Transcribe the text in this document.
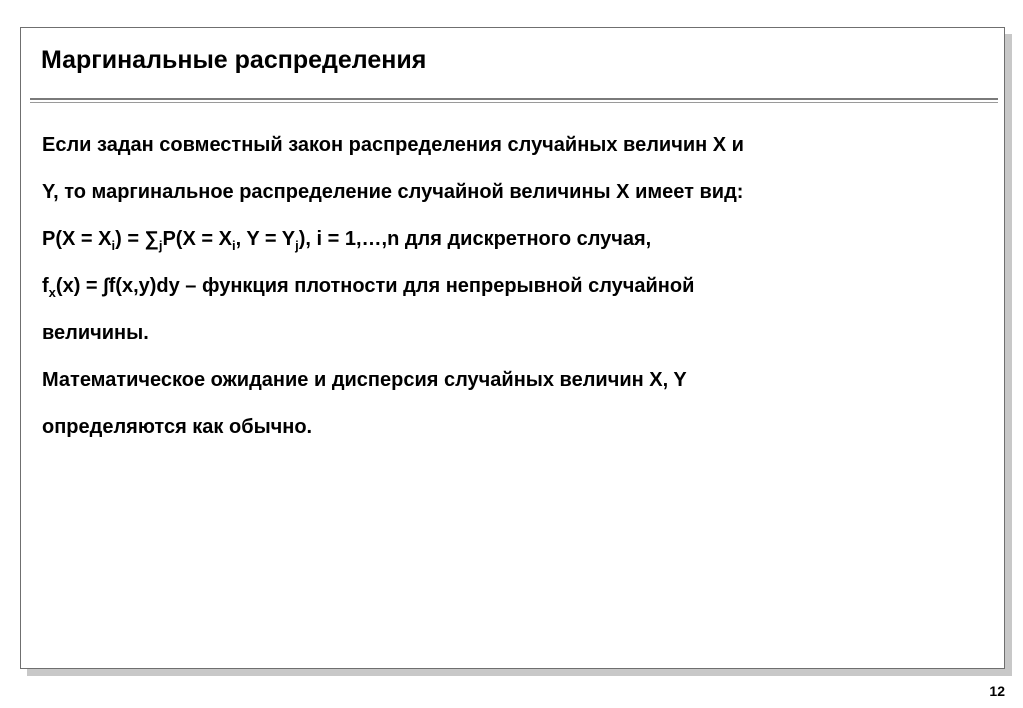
Маргинальные распределения
Если задан совместный закон распределения случайных величин X и
Y, то маргинальное распределение случайной величины X имеет вид:
$P(X = X_i) = \sum_jP(X = X_i$, $Y = Y_j$), i = 1,…,n для дискретного случая,
$f_x(x) = \int f(x,y)dy$ – функция плотности для непрерывной случайной
величины.
Математическое ожидание и дисперсия случайных величин X, Y
определяются как обычно.
12
